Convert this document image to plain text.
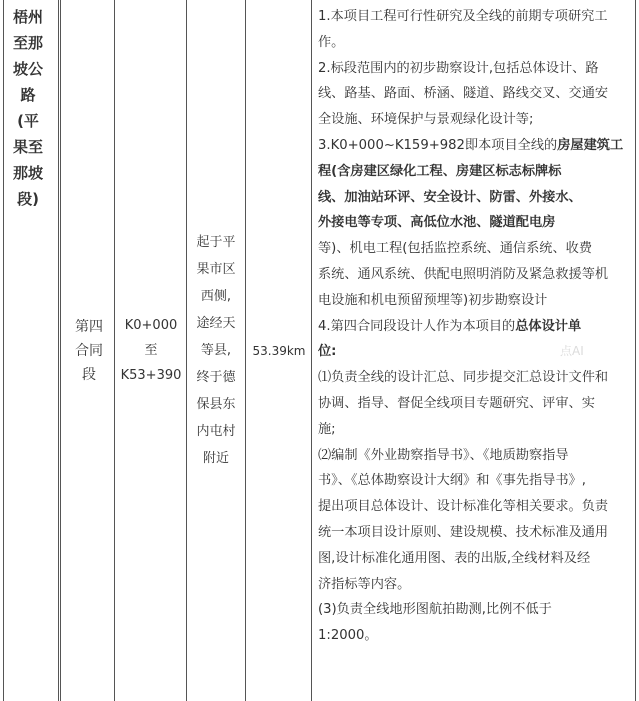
梧州
至那
坡公
路
(平
果至
那坡
段)
第四
合同
段
K0+000
至
K53+390
起于平
果市区
西侧,
途经天
等县,
终于德
保县东
内屯村
附近
53.39km
1.本项目工程可行性研究及全线的前期专项研究工
作。
2.标段范围内的初步勘察设计,包括总体设计、路
线、路基、路面、桥涵、隧道、路线交叉、交通安
全设施、环境保护与景观绿化设计等;
3.K0+000~K159+982即本项目全线的房屋建筑工
程(含房建区绿化工程、房建区标志标牌标
线、加油站环评、安全设计、防雷、外接水、
外接电等专项、高低位水池、隧道配电房
等)、机电工程(包括监控系统、通信系统、收费
系统、通风系统、供配电照明消防及紧急救援等机
电设施和机电预留预埋等)初步勘察设计
4.第四合同段设计人作为本项目的总体设计单
位:
⑴负责全线的设计汇总、同步提交汇总设计文件和
协调、指导、督促全线项目专题研究、评审、实
施;
⑵编制《外业勘察指导书》、《地质勘察指导
书》、《总体勘察设计大纲》和《事先指导书》,
提出项目总体设计、设计标准化等相关要求。负责
统一本项目设计原则、建设规模、技术标准及通用
图,设计标准化通用图、表的出版,全线材料及经
济指标等内容。
(3)负责全线地形图航拍勘测,比例不低于
1:2000。
点AI
